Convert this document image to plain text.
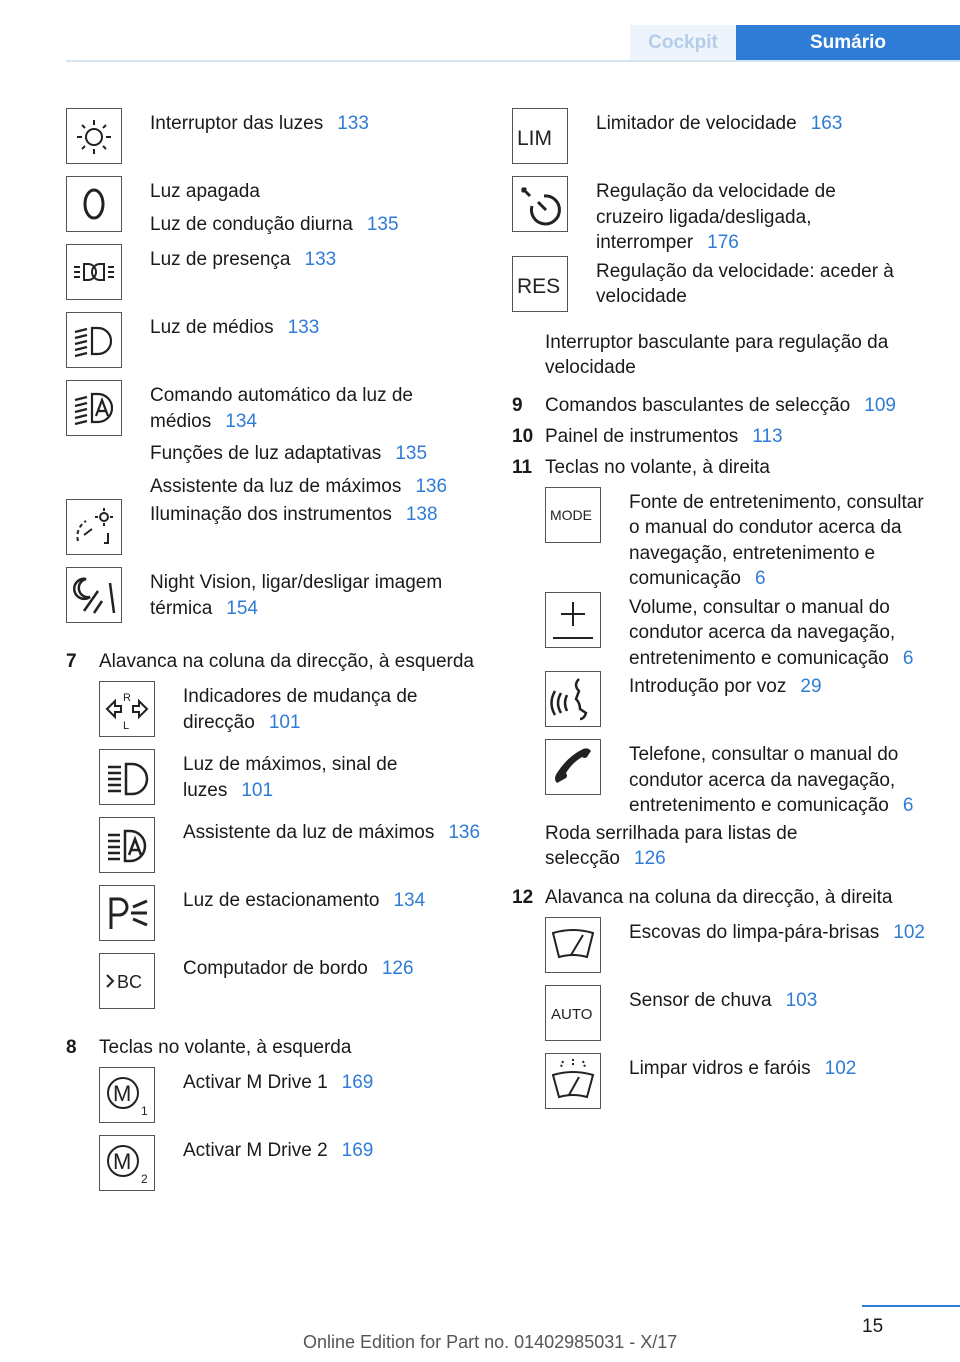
Cockpit	Sumário
Interruptor das luzes 133
Luz apagada
Luz de condução diurna 135
Luz de presença 133
Luz de médios 133
Comando automático da luz de médios 134
Funções de luz adaptativas 135
Assistente da luz de máximos 136
Iluminação dos instrumentos 138
Night Vision, ligar/desligar imagem térmica 154
7	Alavanca na coluna da direcção, à esquerda
R
L
Indicadores de mudança de direcção 101
Luz de máximos, sinal de luzes 101
Assistente da luz de máximos 136
Luz de estacionamento 134
BC
Computador de bordo 126
8	Teclas no volante, à esquerda
M
1
Activar M Drive 1 169
M
2
Activar M Drive 2 169
LIM
Limitador de velocidade 163
Regulação da velocidade de cruzeiro ligada/desligada, interromper 176
RES
Regulação da velocidade: aceder à velocidade
Interruptor basculante para regulação da velocidade
9	Comandos basculantes de selecção 109
10 Painel de instrumentos 113
11 Teclas no volante, à direita
MODE
Fonte de entretenimento, consultar o manual do condutor acerca da navegação, entretenimento e comunicação 6
Volume, consultar o manual do condutor acerca da navegação, entretenimento e comunicação 6
Introdução por voz 29
Telefone, consultar o manual do condutor acerca da navegação, entretenimento e comunicação 6
Roda serrilhada para listas de selecção 126
12 Alavanca na coluna da direcção, à direita
Escovas do limpa-pára-brisas 102
AUTO
Sensor de chuva 103
Limpar vidros e faróis 102
15
Online Edition for Part no. 01402985031 - X/17
